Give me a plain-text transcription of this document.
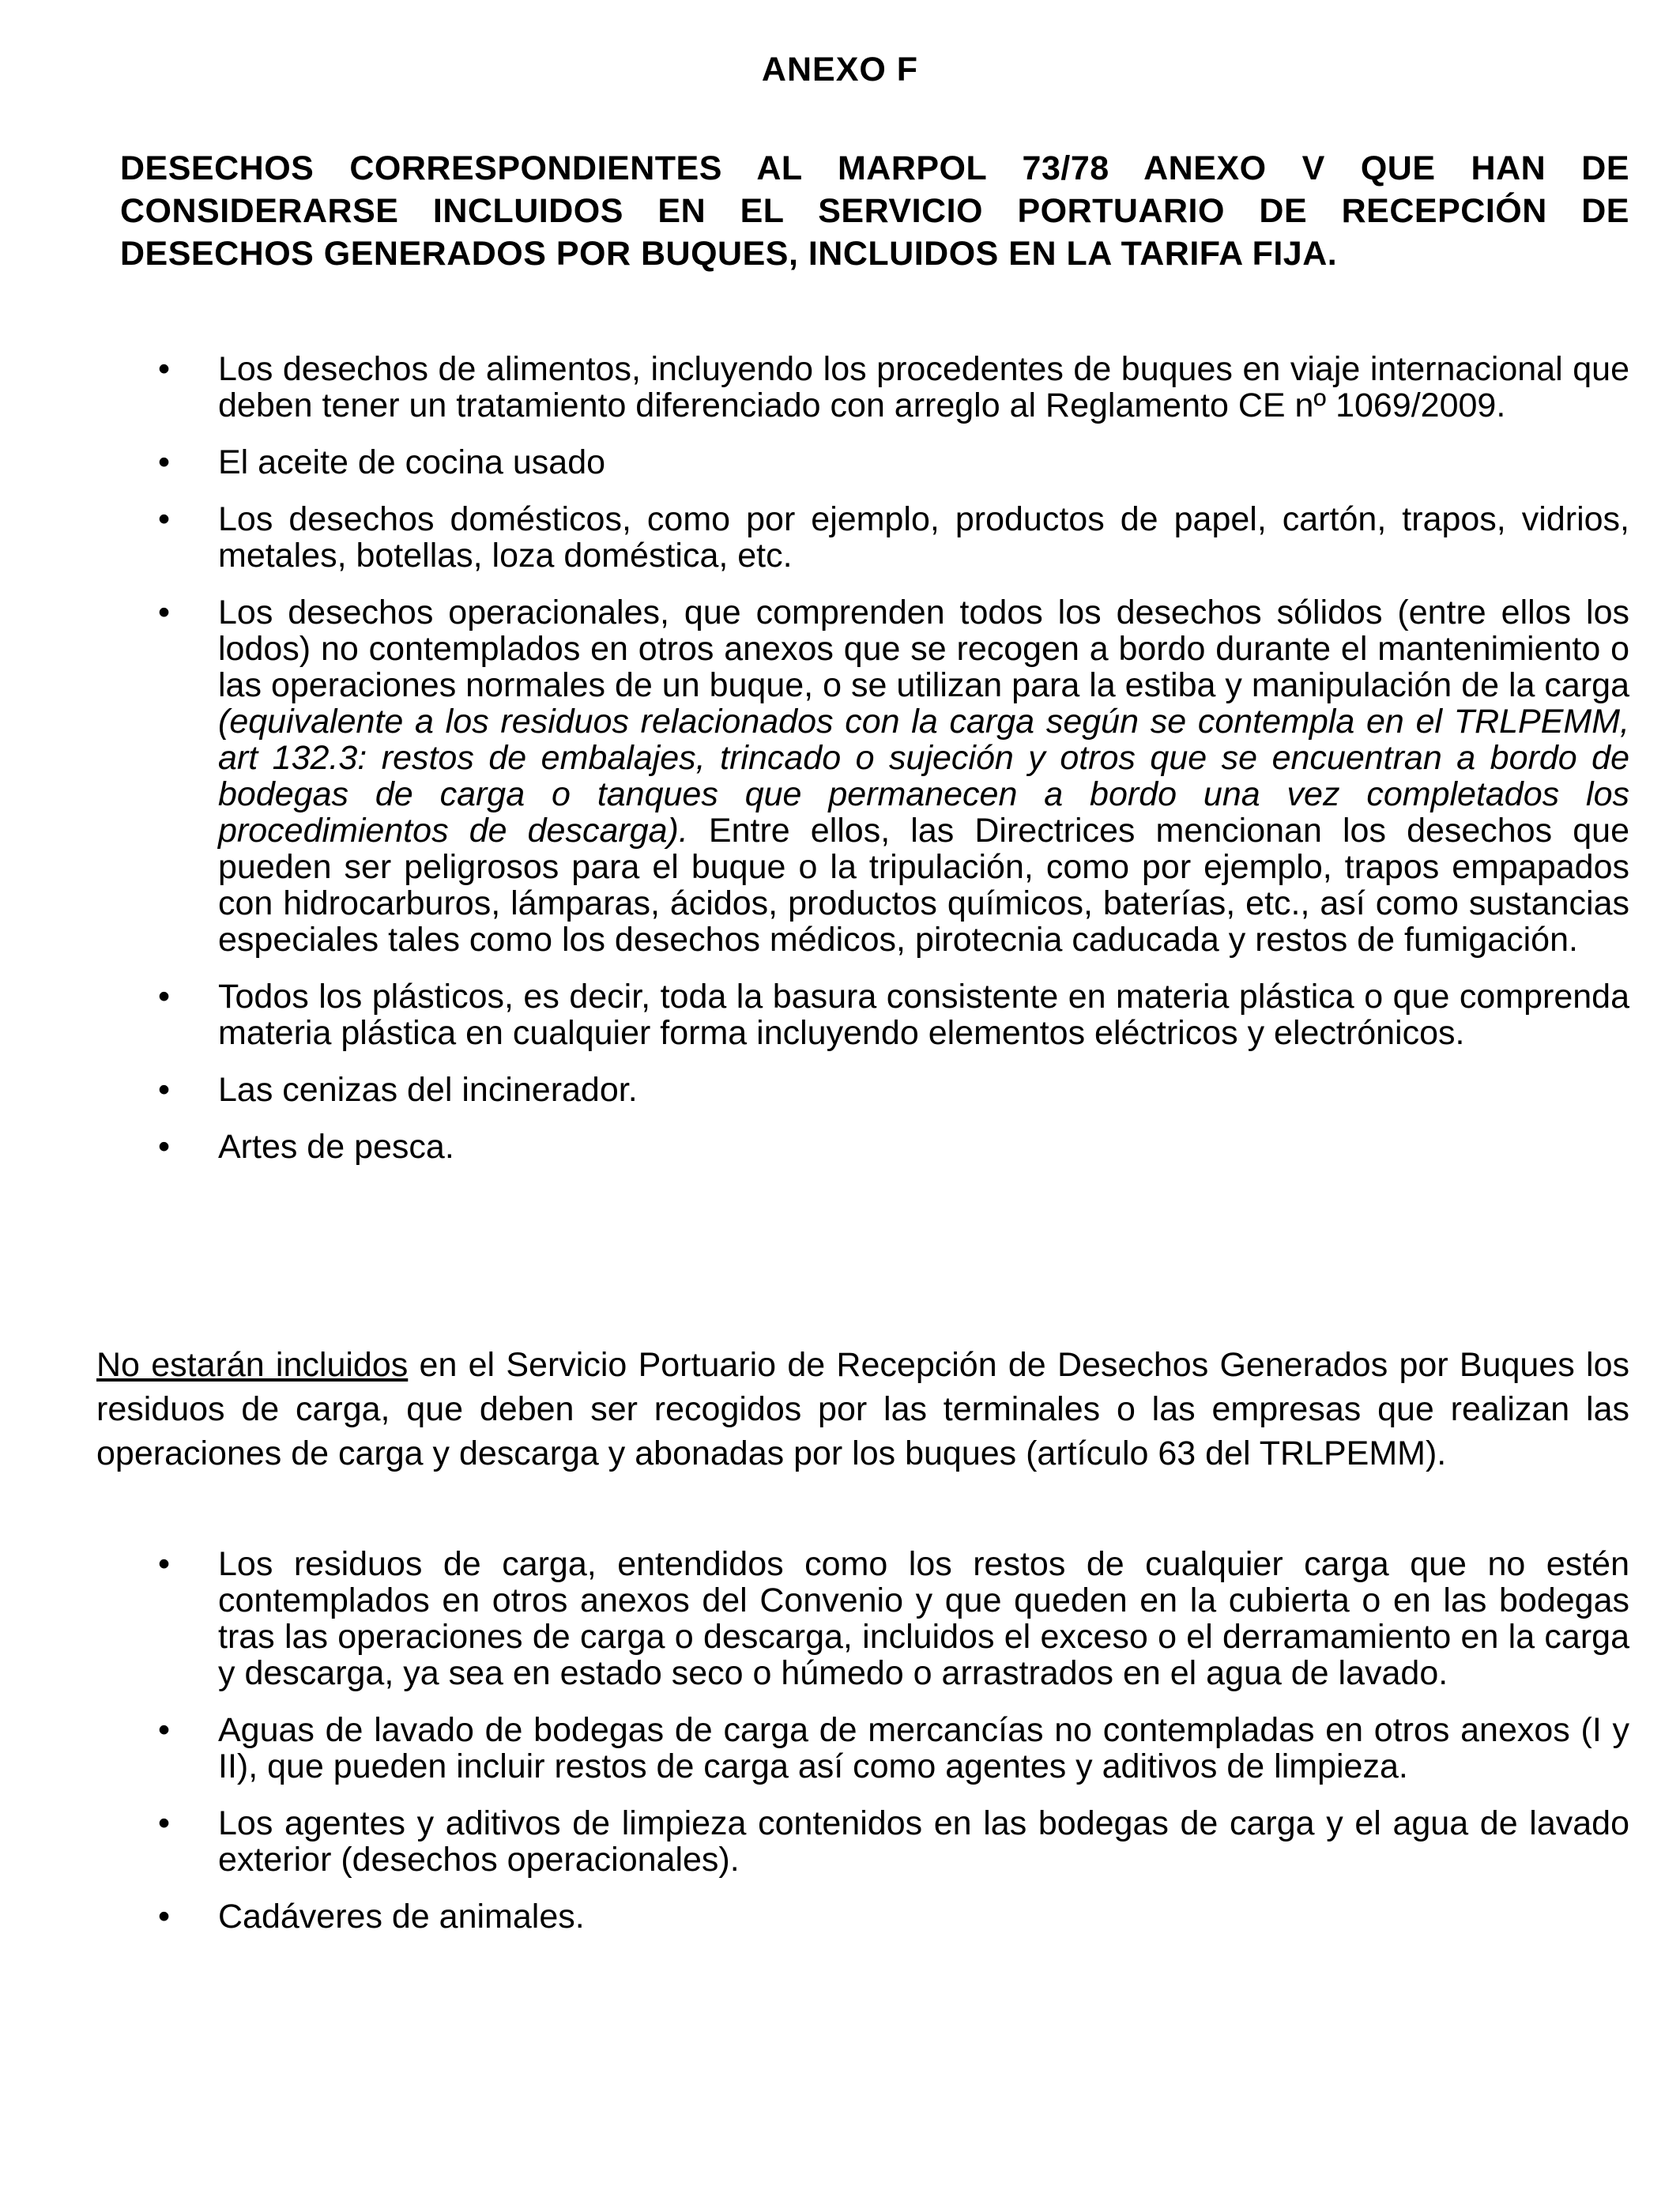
ANEXO F

DESECHOS CORRESPONDIENTES AL MARPOL 73/78 ANEXO V QUE HAN DE CONSIDERARSE INCLUIDOS EN EL SERVICIO PORTUARIO DE RECEPCIÓN DE DESECHOS GENERADOS POR BUQUES, INCLUIDOS EN LA TARIFA FIJA.

• Los desechos de alimentos, incluyendo los procedentes de buques en viaje internacional que deben tener un tratamiento diferenciado con arreglo al Reglamento CE nº 1069/2009.
• El aceite de cocina usado
• Los desechos domésticos, como por ejemplo, productos de papel, cartón, trapos, vidrios, metales, botellas, loza doméstica, etc.
• Los desechos operacionales, que comprenden todos los desechos sólidos (entre ellos los lodos) no contemplados en otros anexos que se recogen a bordo durante el mantenimiento o las operaciones normales de un buque, o se utilizan para la estiba y manipulación de la carga (equivalente a los residuos relacionados con la carga según se contempla en el TRLPEMM, art 132.3: restos de embalajes, trincado o sujeción y otros que se encuentran a bordo de bodegas de carga o tanques que permanecen a bordo una vez completados los procedimientos de descarga). Entre ellos, las Directrices mencionan los desechos que pueden ser peligrosos para el buque o la tripulación, como por ejemplo, trapos empapados con hidrocarburos, lámparas, ácidos, productos químicos, baterías, etc., así como sustancias especiales tales como los desechos médicos, pirotecnia caducada y restos de fumigación.
• Todos los plásticos, es decir, toda la basura consistente en materia plástica o que comprenda materia plástica en cualquier forma incluyendo elementos eléctricos y electrónicos.
• Las cenizas del incinerador.
• Artes de pesca.

No estarán incluidos en el Servicio Portuario de Recepción de Desechos Generados por Buques los residuos de carga, que deben ser recogidos por las terminales o las empresas que realizan las operaciones de carga y descarga y abonadas por los buques (artículo 63 del TRLPEMM).

• Los residuos de carga, entendidos como los restos de cualquier carga que no estén contemplados en otros anexos del Convenio y que queden en la cubierta o en las bodegas tras las operaciones de carga o descarga, incluidos el exceso o el derramamiento en la carga y descarga, ya sea en estado seco o húmedo o arrastrados en el agua de lavado.
• Aguas de lavado de bodegas de carga de mercancías no contempladas en otros anexos (I y II), que pueden incluir restos de carga así como agentes y aditivos de limpieza.
• Los agentes y aditivos de limpieza contenidos en las bodegas de carga y el agua de lavado exterior (desechos operacionales).
• Cadáveres de animales.
